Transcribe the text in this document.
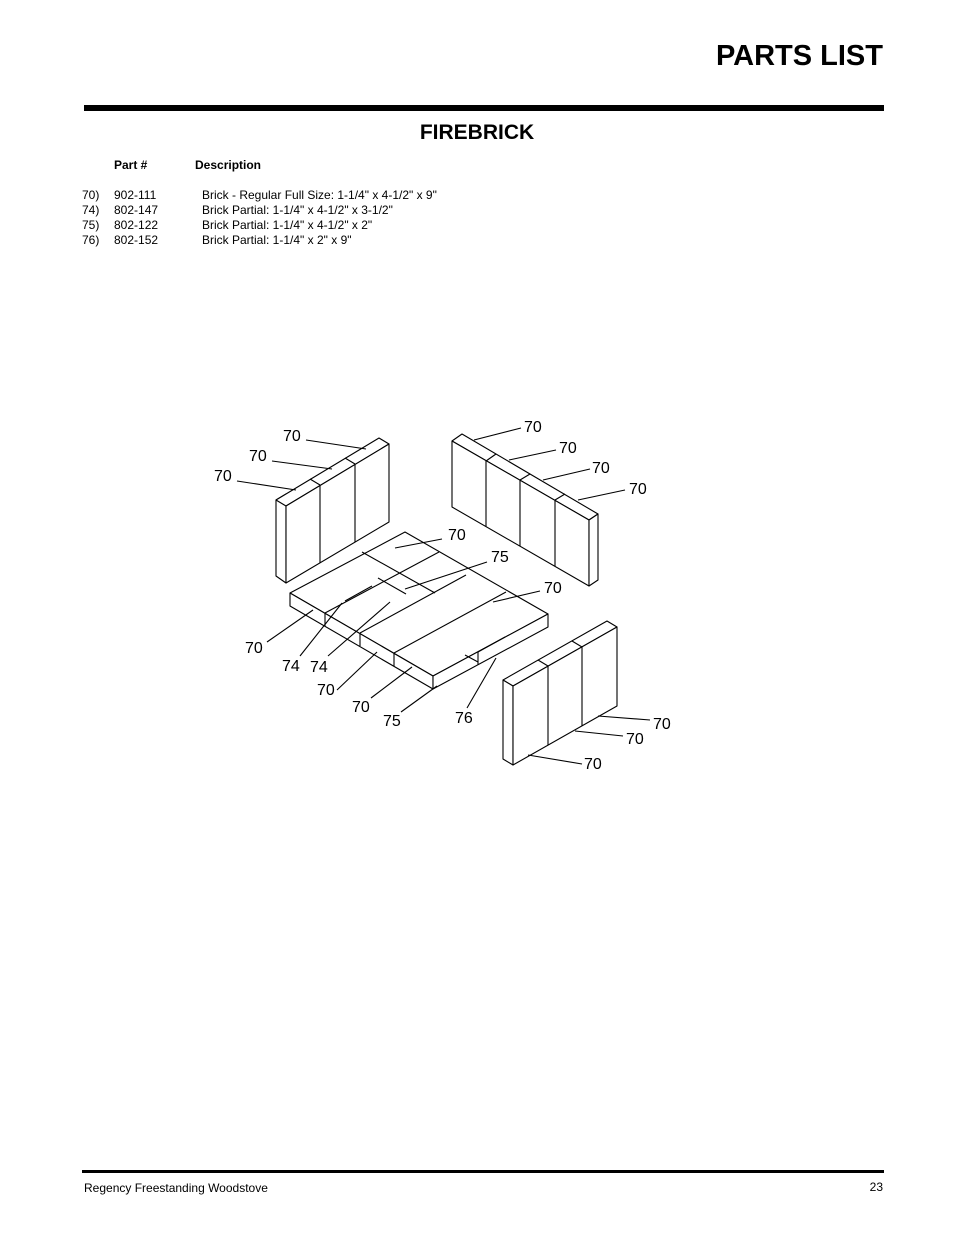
PARTS LIST
FIREBRICK
Part #	Description
70) 902-111	Brick - Regular Full Size: 1-1/4" x 4-1/2" x 9"
74) 802-147	Brick Partial: 1-1/4" x 4-1/2" x 3-1/2"
75) 802-122	Brick Partial: 1-1/4" x 4-1/2" x 2"
76) 802-152	Brick Partial: 1-1/4" x 2" x 9"
70
70
70
70
70
70
70
70
75
70
70
74 74
70
70
75	76	70
70
70
Regency Freestanding Woodstove	23
